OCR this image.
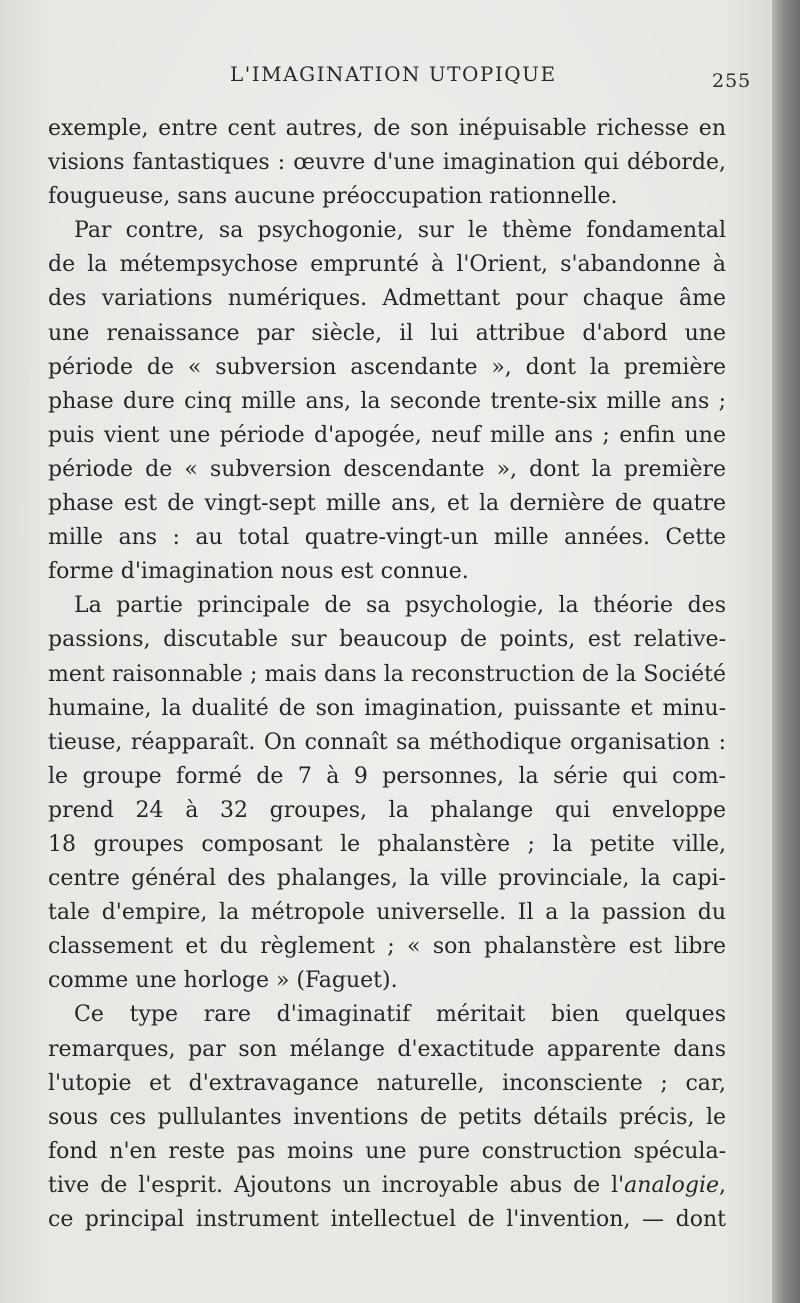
L'IMAGINATION UTOPIQUE	255
exemple, entre cent autres, de son inépuisable richesse en
visions fantastiques : œuvre d'une imagination qui déborde,
fougueuse, sans aucune préoccupation rationnelle.
Par contre, sa psychogonie, sur le thème fondamental
de la métempsychose emprunté à l'Orient, s'abandonne à
des variations numériques. Admettant pour chaque âme
une renaissance par siècle, il lui attribue d'abord une
période de « subversion ascendante », dont la première
phase dure cinq mille ans, la seconde trente-six mille ans ;
puis vient une période d'apogée, neuf mille ans ; enfin une
période de « subversion descendante », dont la première
phase est de vingt-sept mille ans, et la dernière de quatre
mille ans : au total quatre-vingt-un mille années. Cette
forme d'imagination nous est connue.
La partie principale de sa psychologie, la théorie des
passions, discutable sur beaucoup de points, est relative-
ment raisonnable ; mais dans la reconstruction de la Société
humaine, la dualité de son imagination, puissante et minu-
tieuse, réapparaît. On connaît sa méthodique organisation :
le groupe formé de 7 à 9 personnes, la série qui com-
prend 24 à 32 groupes, la phalange qui enveloppe
18 groupes composant le phalanstère ; la petite ville,
centre général des phalanges, la ville provinciale, la capi-
tale d'empire, la métropole universelle. Il a la passion du
classement et du règlement ; « son phalanstère est libre
comme une horloge » (Faguet).
Ce type rare d'imaginatif méritait bien quelques
remarques, par son mélange d'exactitude apparente dans
l'utopie et d'extravagance naturelle, inconsciente ; car,
sous ces pullulantes inventions de petits détails précis, le
fond n'en reste pas moins une pure construction spécula-
tive de l'esprit. Ajoutons un incroyable abus de l'analogie,
ce principal instrument intellectuel de l'invention, — dont
